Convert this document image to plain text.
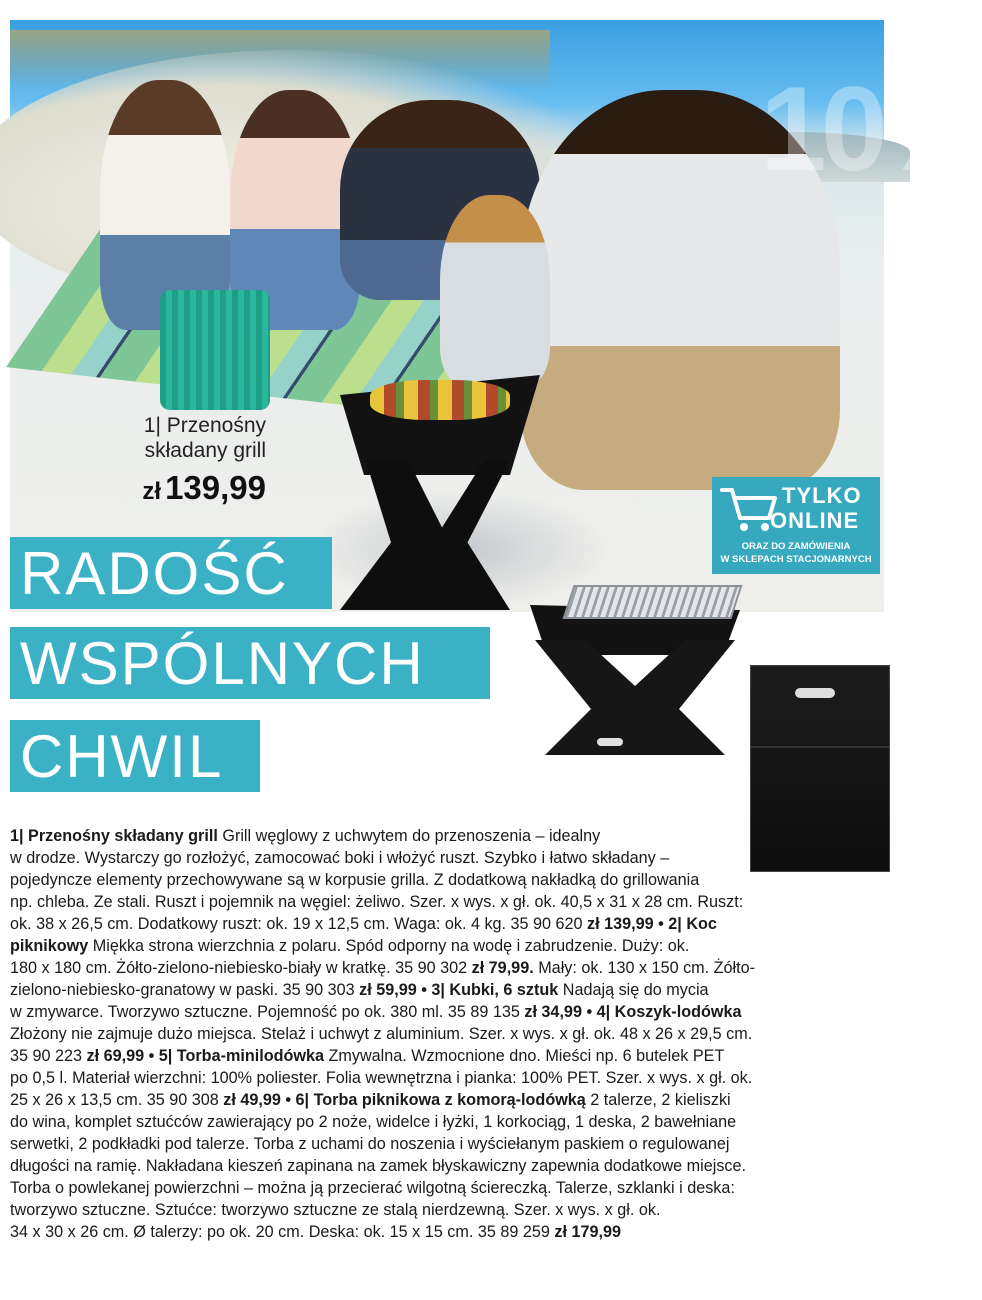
10%
1| Przenośny
składany grill
zł 139,99	TYLKO
ONLINE
ORAZ DO ZAMÓWIENIA
W SKLEPACH STACJONARNYCH
RADOŚĆ
WSPÓLNYCH
CHWIL
1| Przenośny składany grill Grill węglowy z uchwytem do przenoszenia – idealny
w drodze. Wystarczy go rozłożyć, zamocować boki i włożyć ruszt. Szybko i łatwo składany –
pojedyncze elementy przechowywane są w korpusie grilla. Z dodatkową nakładką do grillowania
np. chleba. Ze stali. Ruszt i pojemnik na węgiel: żeliwo. Szer. x wys. x gł. ok. 40,5 x 31 x 28 cm. Ruszt:
ok. 38 x 26,5 cm. Dodatkowy ruszt: ok. 19 x 12,5 cm. Waga: ok. 4 kg. 35 90 620 zł 139,99 • 2| Koc
piknikowy Miękka strona wierzchnia z polaru. Spód odporny na wodę i zabrudzenie. Duży: ok.
180 x 180 cm. Żółto-zielono-niebiesko-biały w kratkę. 35 90 302 zł 79,99. Mały: ok. 130 x 150 cm. Żółto-
zielono-niebiesko-granatowy w paski. 35 90 303 zł 59,99 • 3| Kubki, 6 sztuk Nadają się do mycia
w zmywarce. Tworzywo sztuczne. Pojemność po ok. 380 ml. 35 89 135 zł 34,99 • 4| Koszyk-lodówka
Złożony nie zajmuje dużo miejsca. Stelaż i uchwyt z aluminium. Szer. x wys. x gł. ok. 48 x 26 x 29,5 cm.
35 90 223 zł 69,99 • 5| Torba-minilodówka Zmywalna. Wzmocnione dno. Mieści np. 6 butelek PET
po 0,5 l. Materiał wierzchni: 100% poliester. Folia wewnętrzna i pianka: 100% PET. Szer. x wys. x gł. ok.
25 x 26 x 13,5 cm. 35 90 308 zł 49,99 • 6| Torba piknikowa z komorą-lodówką 2 talerze, 2 kieliszki
do wina, komplet sztućców zawierający po 2 noże, widelce i łyżki, 1 korkociąg, 1 deska, 2 bawełniane
serwetki, 2 podkładki pod talerze. Torba z uchami do noszenia i wyściełanym paskiem o regulowanej
długości na ramię. Nakładana kieszeń zapinana na zamek błyskawiczny zapewnia dodatkowe miejsce.
Torba o powlekanej powierzchni – można ją przecierać wilgotną ściereczką. Talerze, szklanki i deska:
tworzywo sztuczne. Sztućce: tworzywo sztuczne ze stalą nierdzewną. Szer. x wys. x gł. ok.
34 x 30 x 26 cm. Ø talerzy: po ok. 20 cm. Deska: ok. 15 x 15 cm. 35 89 259 zł 179,99
